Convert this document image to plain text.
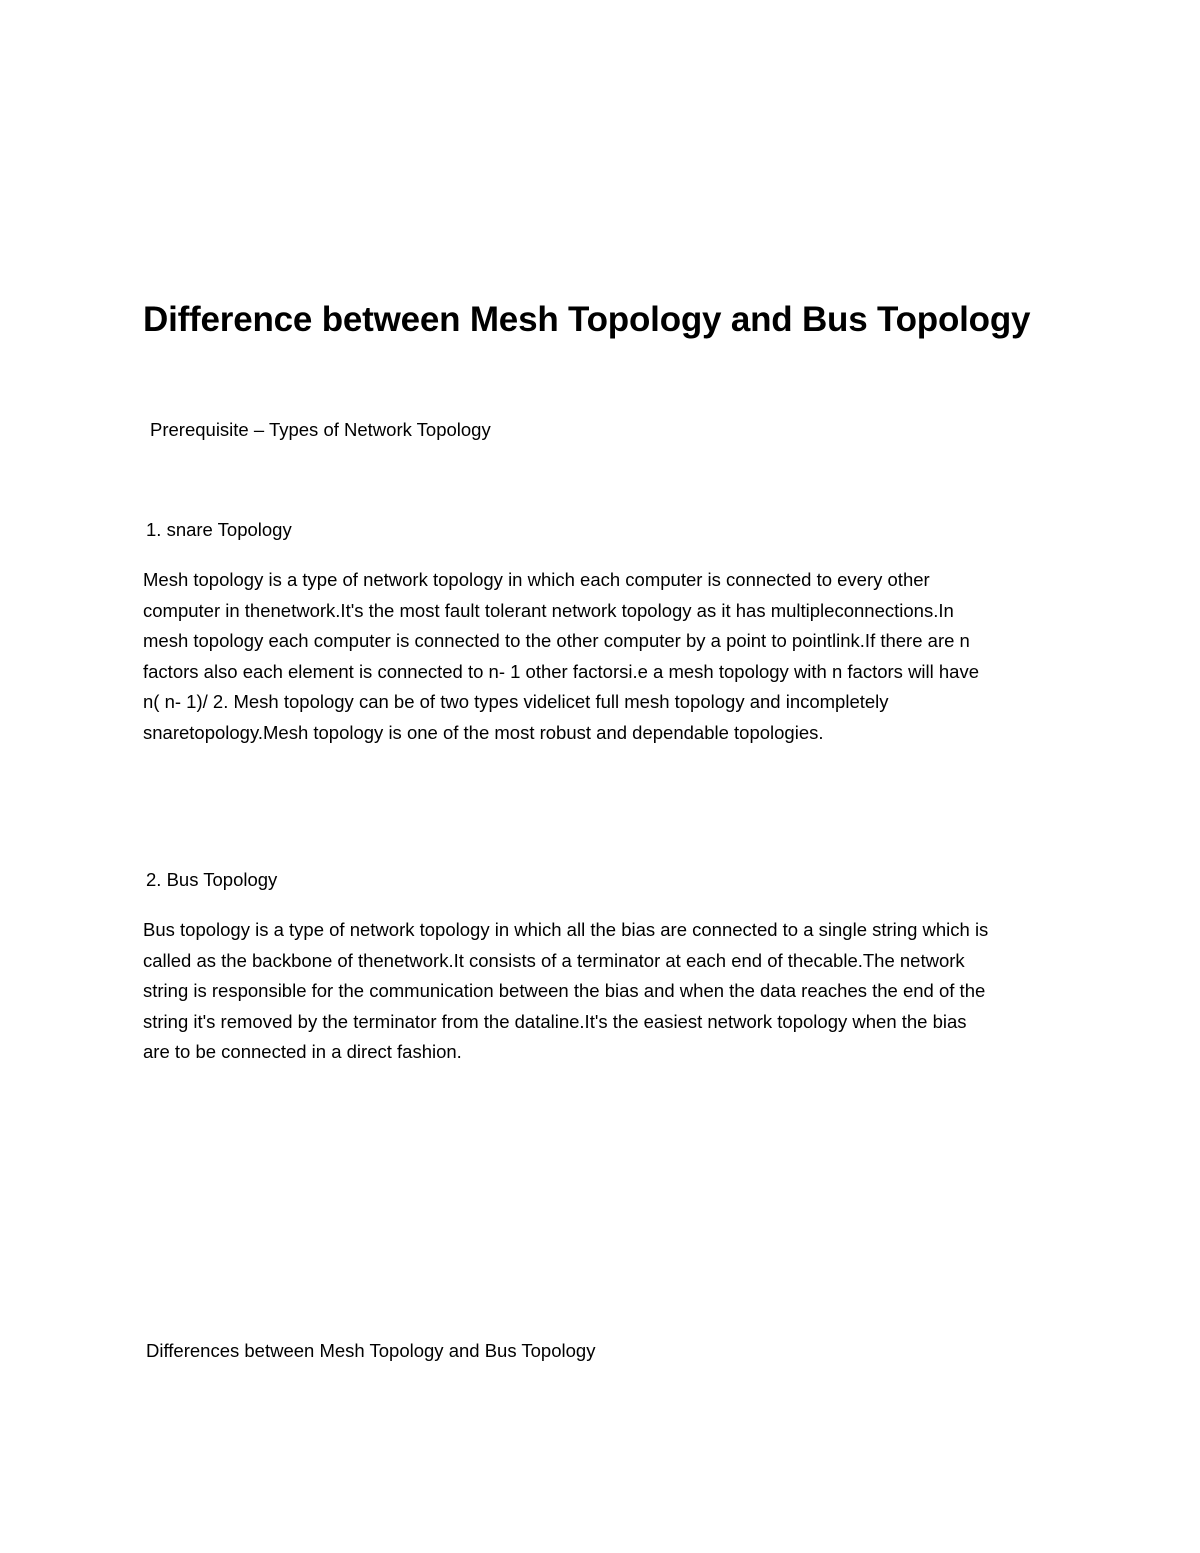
Difference between Mesh Topology and Bus Topology

Prerequisite – Types of Network Topology

1. snare Topology

Mesh topology is a type of network topology in which each computer is connected to every other
computer in thenetwork.It's the most fault tolerant network topology as it has multipleconnections.In
mesh topology each computer is connected to the other computer by a point to pointlink.If there are n
factors also each element is connected to n- 1 other factorsi.e a mesh topology with n factors will have
n( n- 1)/ 2. Mesh topology can be of two types videlicet full mesh topology and incompletely
snaretopology.Mesh topology is one of the most robust and dependable topologies.

2. Bus Topology

Bus topology is a type of network topology in which all the bias are connected to a single string which is
called as the backbone of thenetwork.It consists of a terminator at each end of thecable.The network
string is responsible for the communication between the bias and when the data reaches the end of the
string it's removed by the terminator from the dataline.It's the easiest network topology when the bias
are to be connected in a direct fashion.

Differences between Mesh Topology and Bus Topology
